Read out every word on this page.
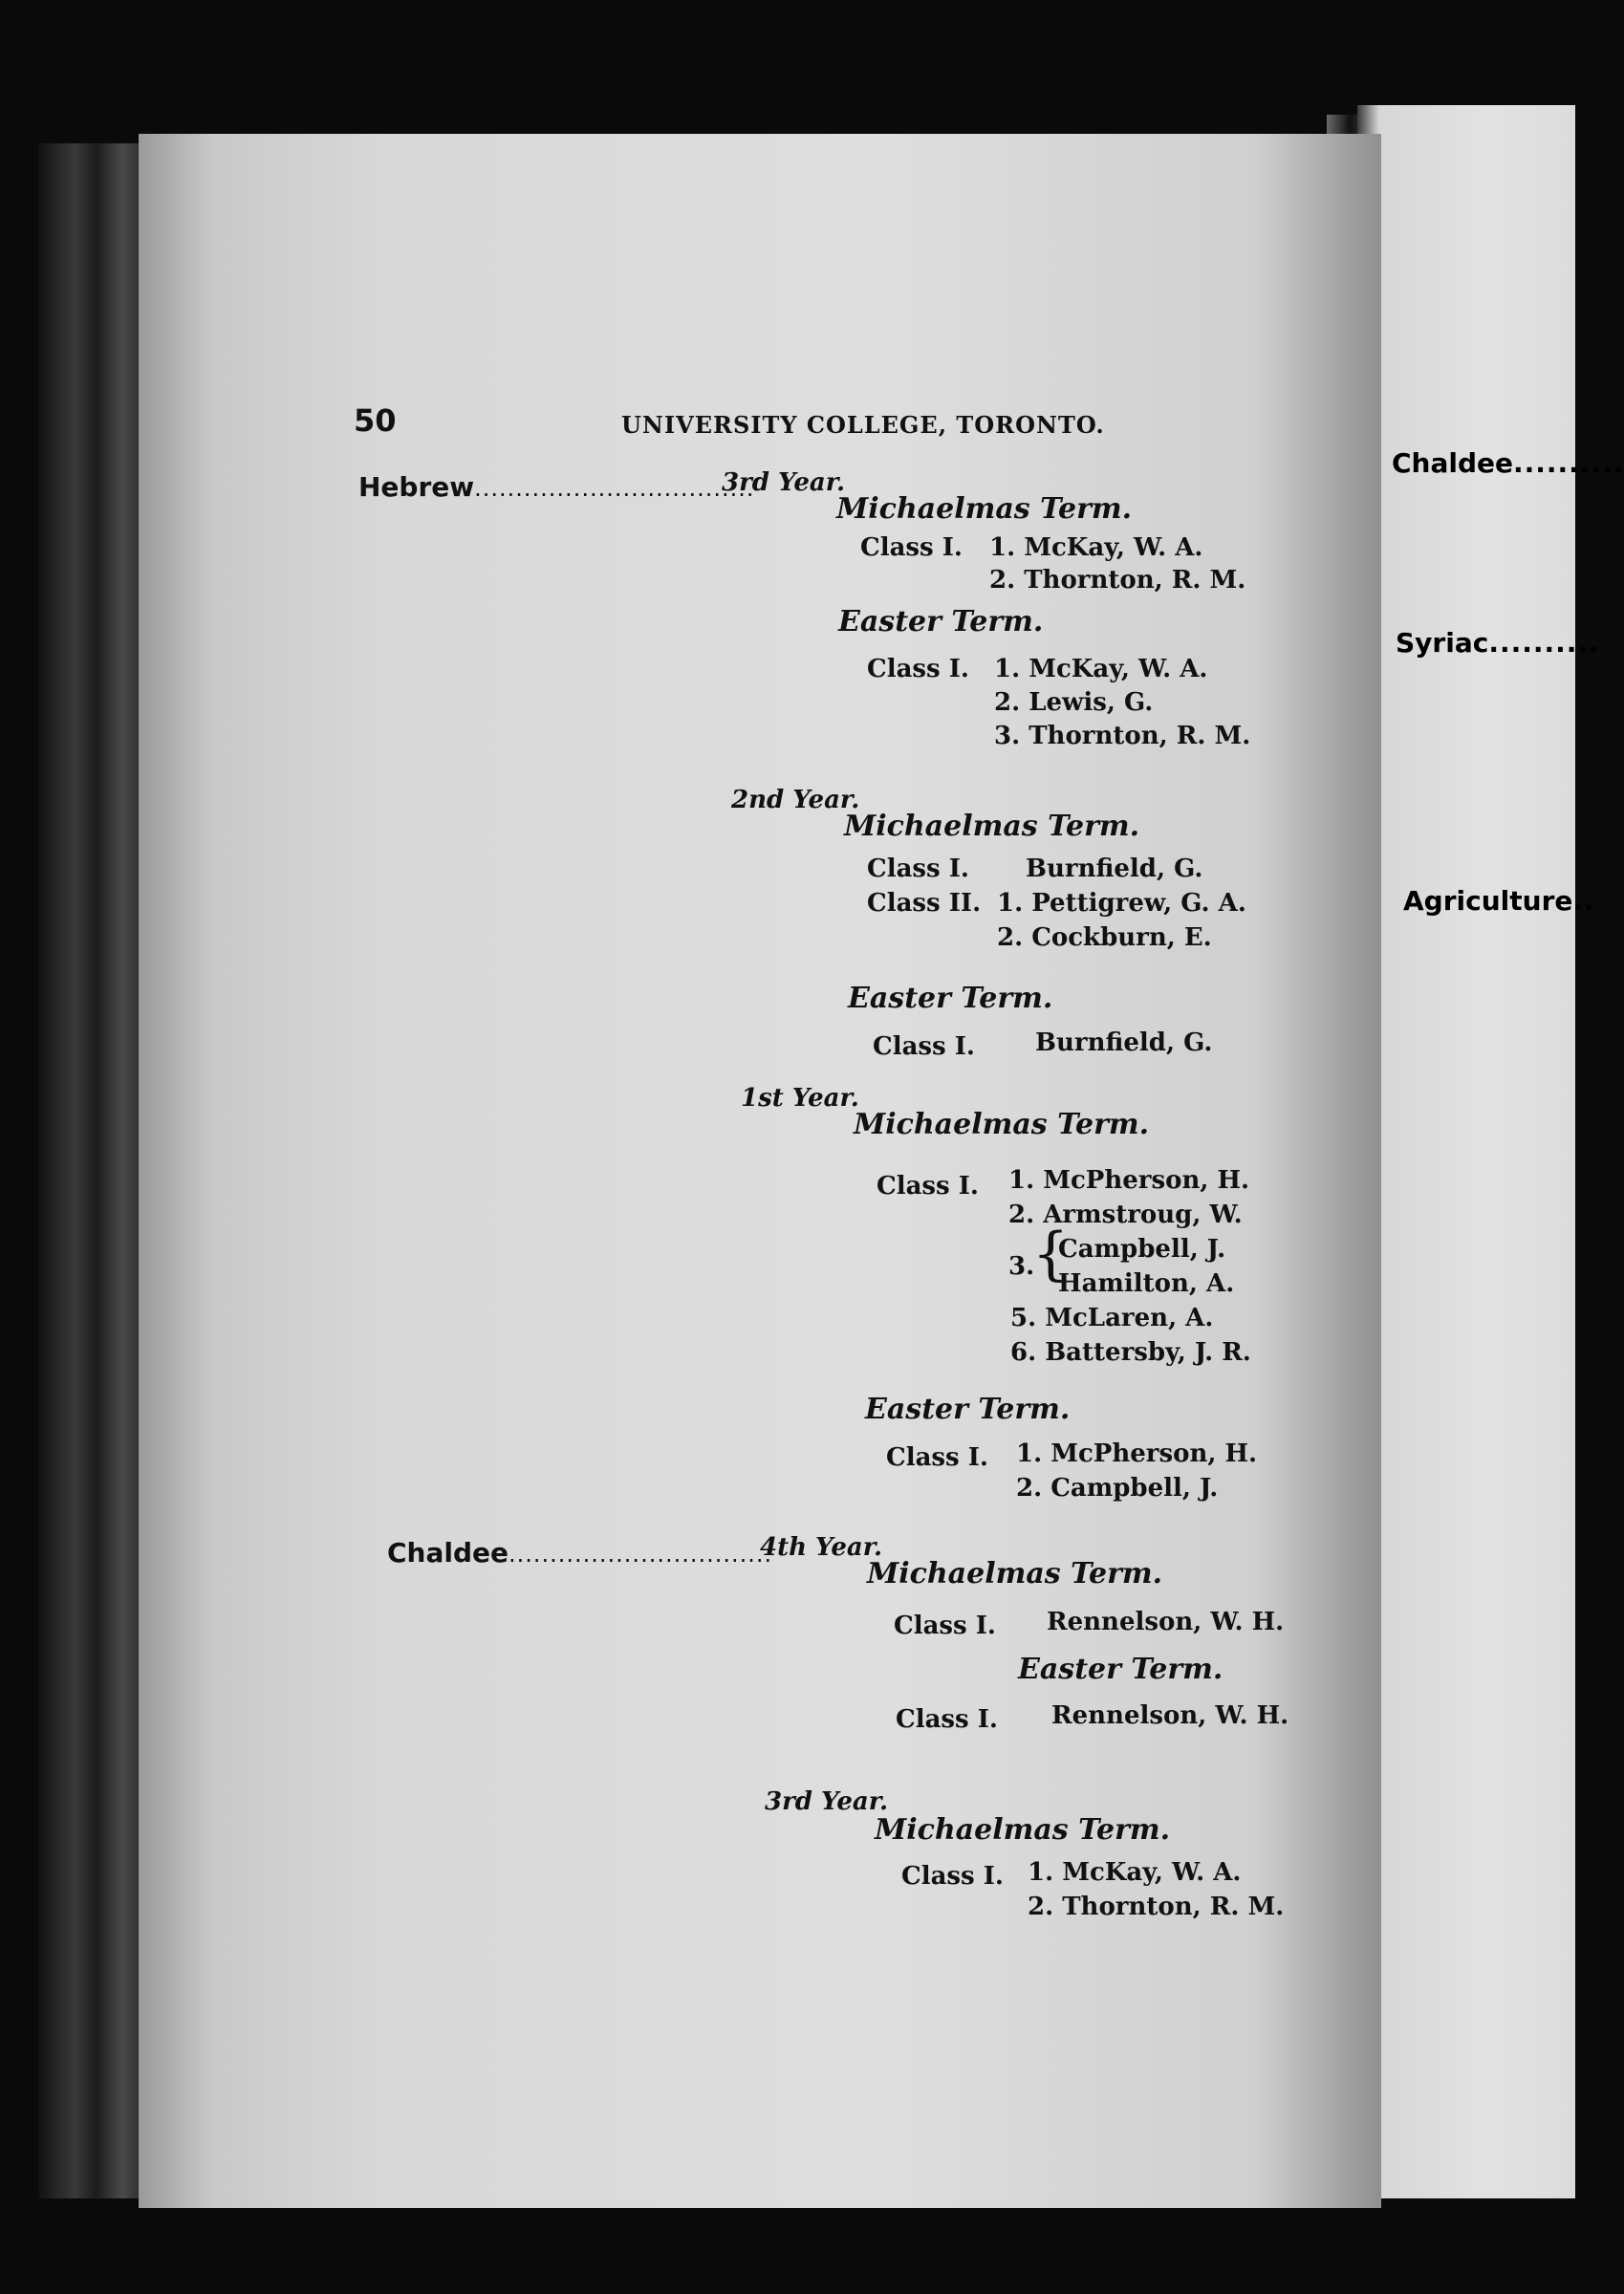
Chaldee..........
Syriac..........
Agriculture..
50	UNIVERSITY COLLEGE, TORONTO.
Hebrew..................................
3rd Year.
Michaelmas Term.
Class I. 1. McKay, W. A.
2. Thornton, R. M.
Easter Term.
Class I. 1. McKay, W. A.
2. Lewis, G.
3. Thornton, R. M.
2nd Year.
Michaelmas Term.
Class I. Burnfield, G.
Class II. 1. Pettigrew, G. A.
2. Cockburn, E.
Easter Term.
Class I. Burnfield, G.
1st Year.
Michaelmas Term.
Class I. 1. McPherson, H.
2. Armstroug, W.
3.
{
Campbell, J.
Hamilton, A.
5. McLaren, A.
6. Battersby, J. R.
Easter Term.
Class I. 1. McPherson, H.
2. Campbell, J.
Chaldee................................
4th Year.
Michaelmas Term.
Class I. Rennelson, W. H.
Easter Term.
Class I. Rennelson, W. H.
3rd Year.
Michaelmas Term.
Class I. 1. McKay, W. A.
2. Thornton, R. M.
